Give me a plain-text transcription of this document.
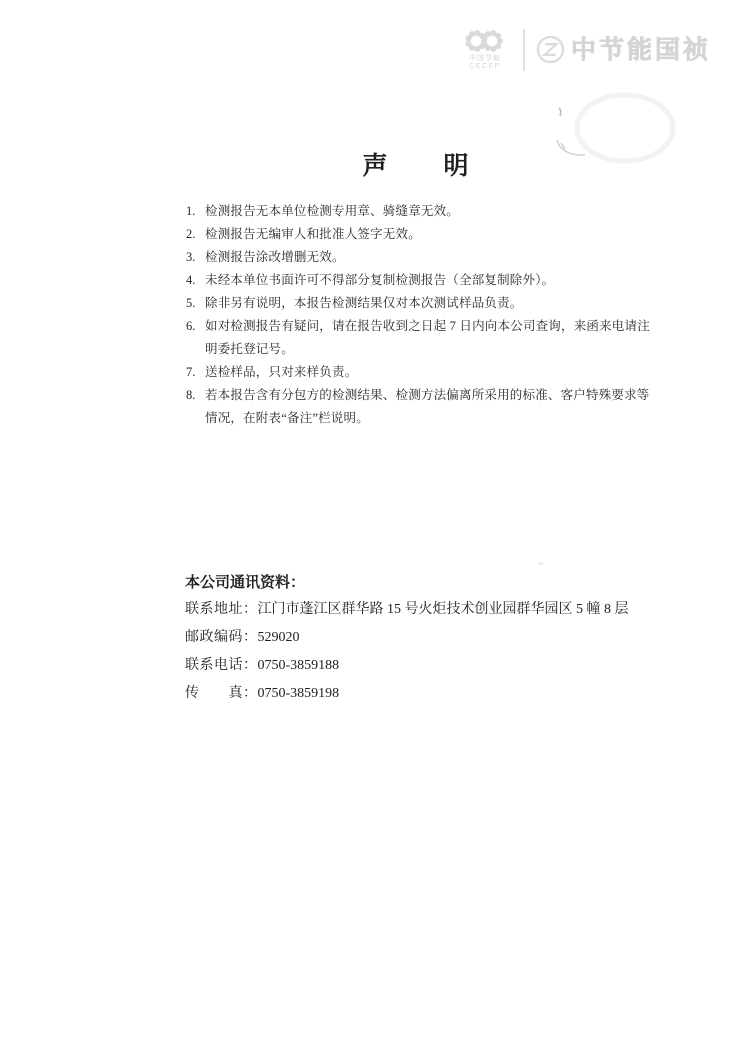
中国节能
CECEP
中节能国祯
声　　明
1. 检测报告无本单位检测专用章、骑缝章无效。
2. 检测报告无编审人和批准人签字无效。
3. 检测报告涂改增删无效。
4. 未经本单位书面许可不得部分复制检测报告（全部复制除外）。
5. 除非另有说明，本报告检测结果仅对本次测试样品负责。
6. 如对检测报告有疑问，请在报告收到之日起 7 日内向本公司查询，来函来电请注明委托登记号。
7. 送检样品，只对来样负责。
8. 若本报告含有分包方的检测结果、检测方法偏离所采用的标准、客户特殊要求等情况，在附表“备注”栏说明。
本公司通讯资料：
联系地址：江门市蓬江区群华路 15 号火炬技术创业园群华园区 5 幢 8 层
邮政编码：529020
联系电话：0750-3859188
传　　真：0750-3859198
